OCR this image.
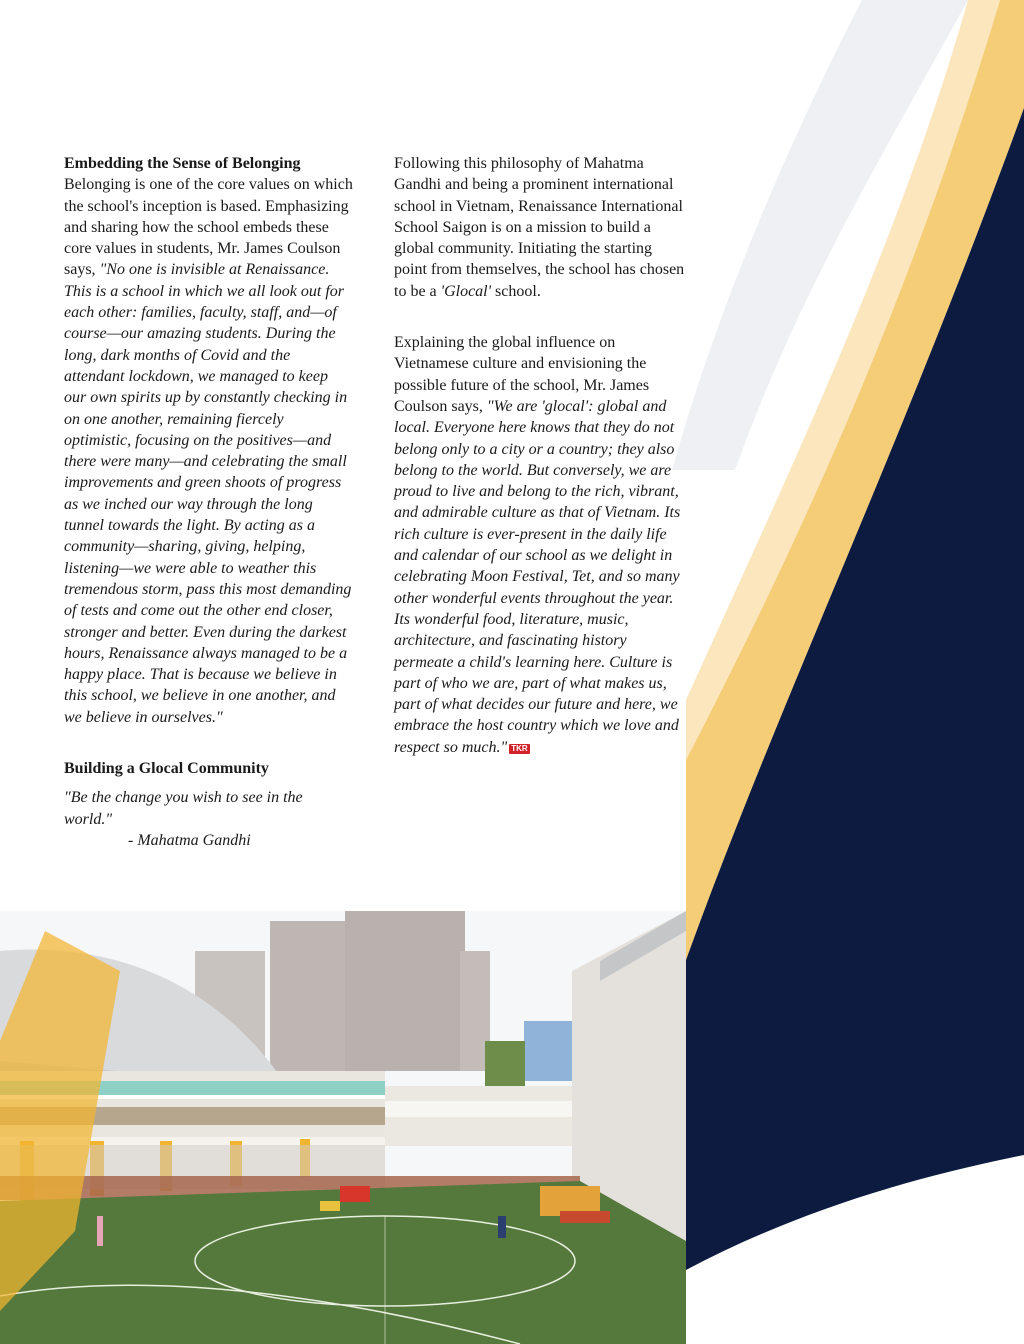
Embedding the Sense of Belonging

Belonging is one of the core values on which the school's inception is based. Emphasizing and sharing how the school embeds these core values in students, Mr. James Coulson says, "No one is invisible at Renaissance. This is a school in which we all look out for each other: families, faculty, staff, and—of course—our amazing students. During the long, dark months of Covid and the attendant lockdown, we managed to keep our own spirits up by constantly checking in on one another, remaining fiercely optimistic, focusing on the positives—and there were many—and celebrating the small improvements and green shoots of progress as we inched our way through the long tunnel towards the light. By acting as a community—sharing, giving, helping, listening—we were able to weather this tremendous storm, pass this most demanding of tests and come out the other end closer, stronger and better. Even during the darkest hours, Renaissance always managed to be a happy place. That is because we believe in this school, we believe in one another, and we believe in ourselves."

Building a Glocal Community

"Be the change you wish to see in the world."

- Mahatma Gandhi

Following this philosophy of Mahatma Gandhi and being a prominent international school in Vietnam, Renaissance International School Saigon is on a mission to build a global community. Initiating the starting point from themselves, the school has chosen to be a 'Glocal' school.

Explaining the global influence on Vietnamese culture and envisioning the possible future of the school, Mr. James Coulson says, "We are 'glocal': global and local. Everyone here knows that they do not belong only to a city or a country; they also belong to the world. But conversely, we are proud to live and belong to the rich, vibrant, and admirable culture as that of Vietnam. Its rich culture is ever-present in the daily life and calendar of our school as we delight in celebrating Moon Festival, Tet, and so many other wonderful events throughout the year. Its wonderful food, literature, music, architecture, and fascinating history permeate a child's learning here. Culture is part of who we are, part of what makes us, part of what decides our future and here, we embrace the host country which we love and respect so much." TKR
